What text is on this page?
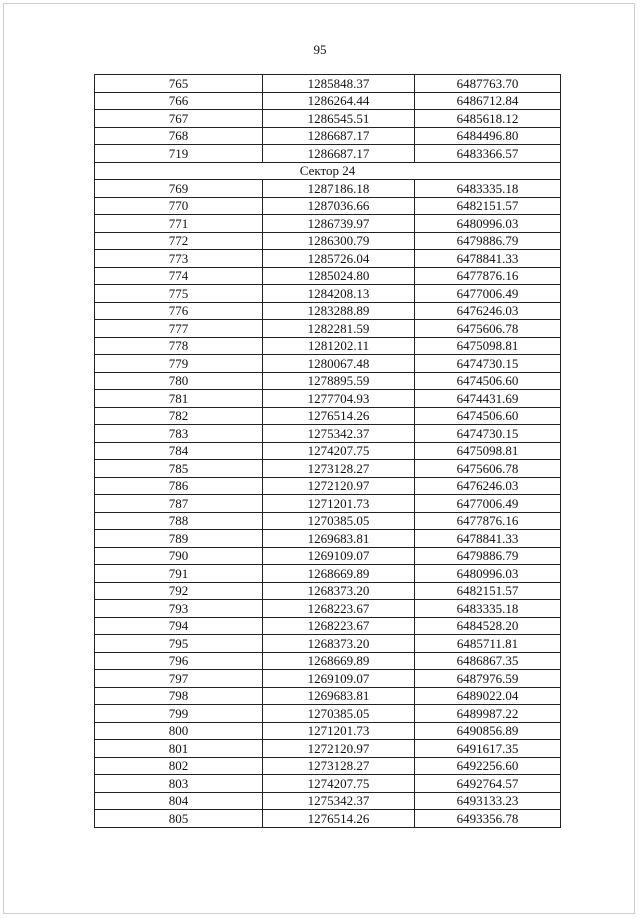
95
765	1285848.37	6487763.70
766	1286264.44	6486712.84
767	1286545.51	6485618.12
768	1286687.17	6484496.80
719	1286687.17	6483366.57
Сектор 24		
769	1287186.18	6483335.18
770	1287036.66	6482151.57
771	1286739.97	6480996.03
772	1286300.79	6479886.79
773	1285726.04	6478841.33
774	1285024.80	6477876.16
775	1284208.13	6477006.49
776	1283288.89	6476246.03
777	1282281.59	6475606.78
778	1281202.11	6475098.81
779	1280067.48	6474730.15
780	1278895.59	6474506.60
781	1277704.93	6474431.69
782	1276514.26	6474506.60
783	1275342.37	6474730.15
784	1274207.75	6475098.81
785	1273128.27	6475606.78
786	1272120.97	6476246.03
787	1271201.73	6477006.49
788	1270385.05	6477876.16
789	1269683.81	6478841.33
790	1269109.07	6479886.79
791	1268669.89	6480996.03
792	1268373.20	6482151.57
793	1268223.67	6483335.18
794	1268223.67	6484528.20
795	1268373.20	6485711.81
796	1268669.89	6486867.35
797	1269109.07	6487976.59
798	1269683.81	6489022.04
799	1270385.05	6489987.22
800	1271201.73	6490856.89
801	1272120.97	6491617.35
802	1273128.27	6492256.60
803	1274207.75	6492764.57
804	1275342.37	6493133.23
805	1276514.26	6493356.78
